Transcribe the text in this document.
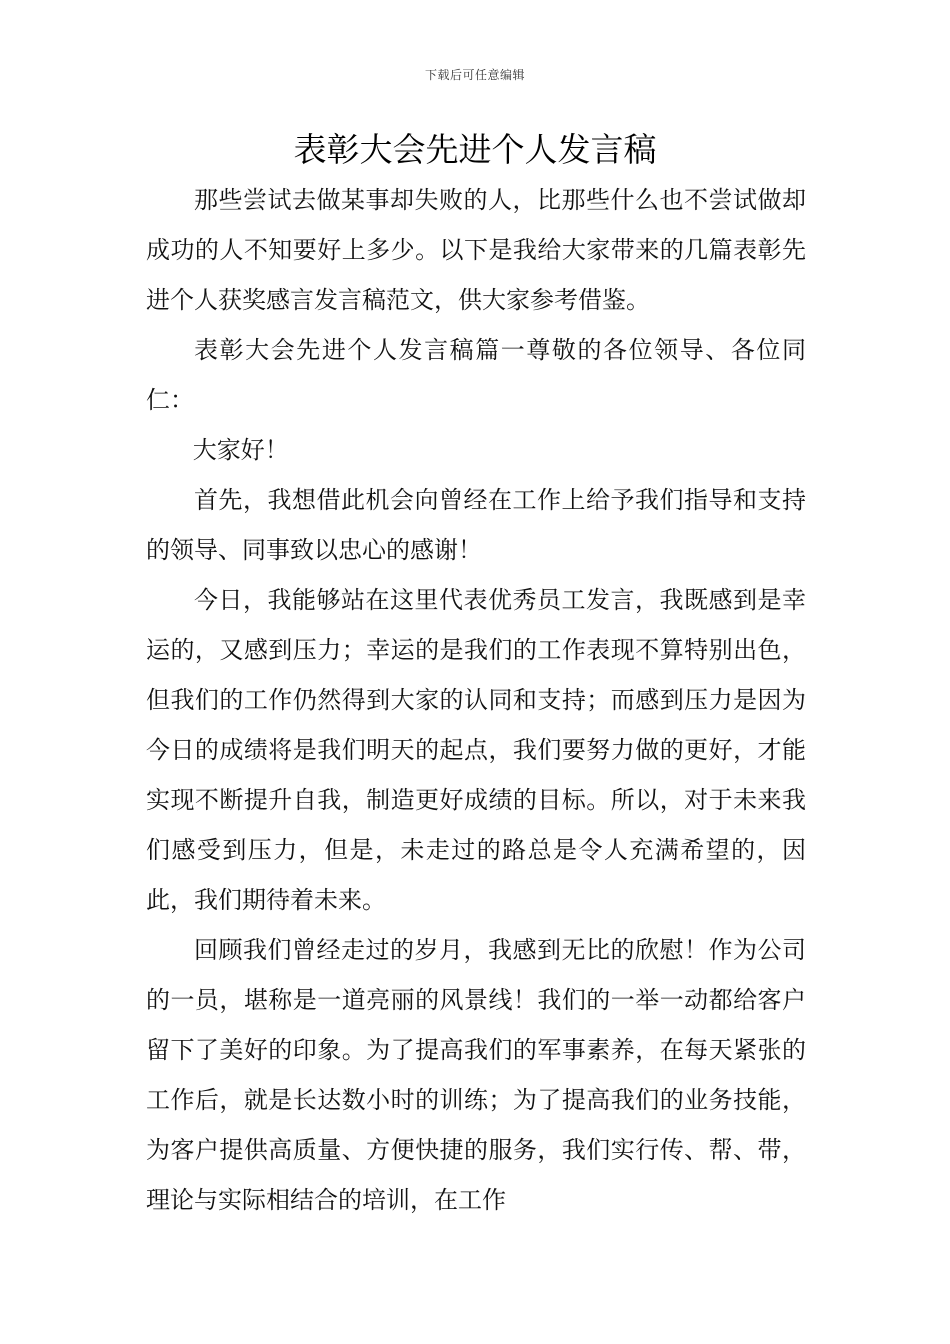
下载后可任意编辑
表彰大会先进个人发言稿

那些尝试去做某事却失败的人，比那些什么也不尝试做却成功的人不知要好上多少。以下是我给大家带来的几篇表彰先进个人获奖感言发言稿范文，供大家参考借鉴。

表彰大会先进个人发言稿篇一尊敬的各位领导、各位同仁：

大家好！

首先，我想借此机会向曾经在工作上给予我们指导和支持的领导、同事致以忠心的感谢！

今日，我能够站在这里代表优秀员工发言，我既感到是幸运的，又感到压力；幸运的是我们的工作表现不算特别出色，但我们的工作仍然得到大家的认同和支持；而感到压力是因为今日的成绩将是我们明天的起点，我们要努力做的更好，才能实现不断提升自我，制造更好成绩的目标。所以，对于未来我们感受到压力，但是，未走过的路总是令人充满希望的，因此，我们期待着未来。

回顾我们曾经走过的岁月，我感到无比的欣慰！作为公司的一员，堪称是一道亮丽的风景线！我们的一举一动都给客户留下了美好的印象。为了提高我们的军事素养，在每天紧张的工作后，就是长达数小时的训练；为了提高我们的业务技能，为客户提供高质量、方便快捷的服务，我们实行传、帮、带，理论与实际相结合的培训，在工作
